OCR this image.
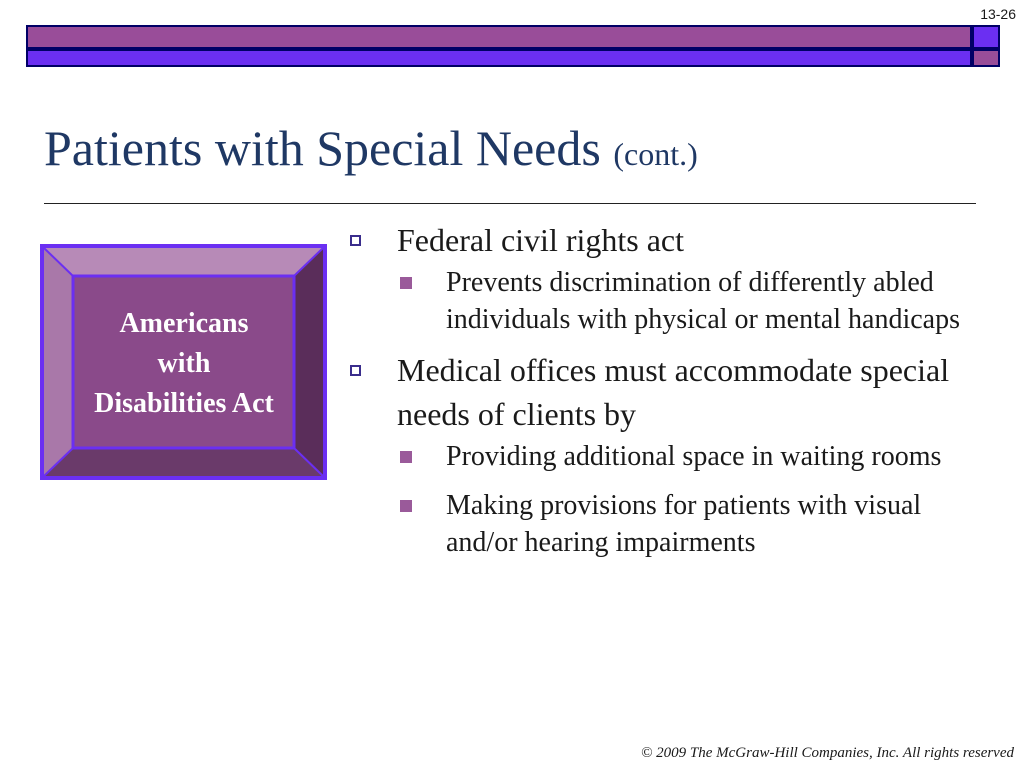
13-26
Patients with Special Needs (cont.)
Americans
with
Disabilities Act
Federal civil rights act
Prevents discrimination of differently abled individuals with physical or mental handicaps
Medical offices must accommodate special needs of clients by
Providing additional space in waiting rooms
Making provisions for patients with visual and/or hearing impairments
© 2009 The McGraw-Hill Companies, Inc. All rights reserved
